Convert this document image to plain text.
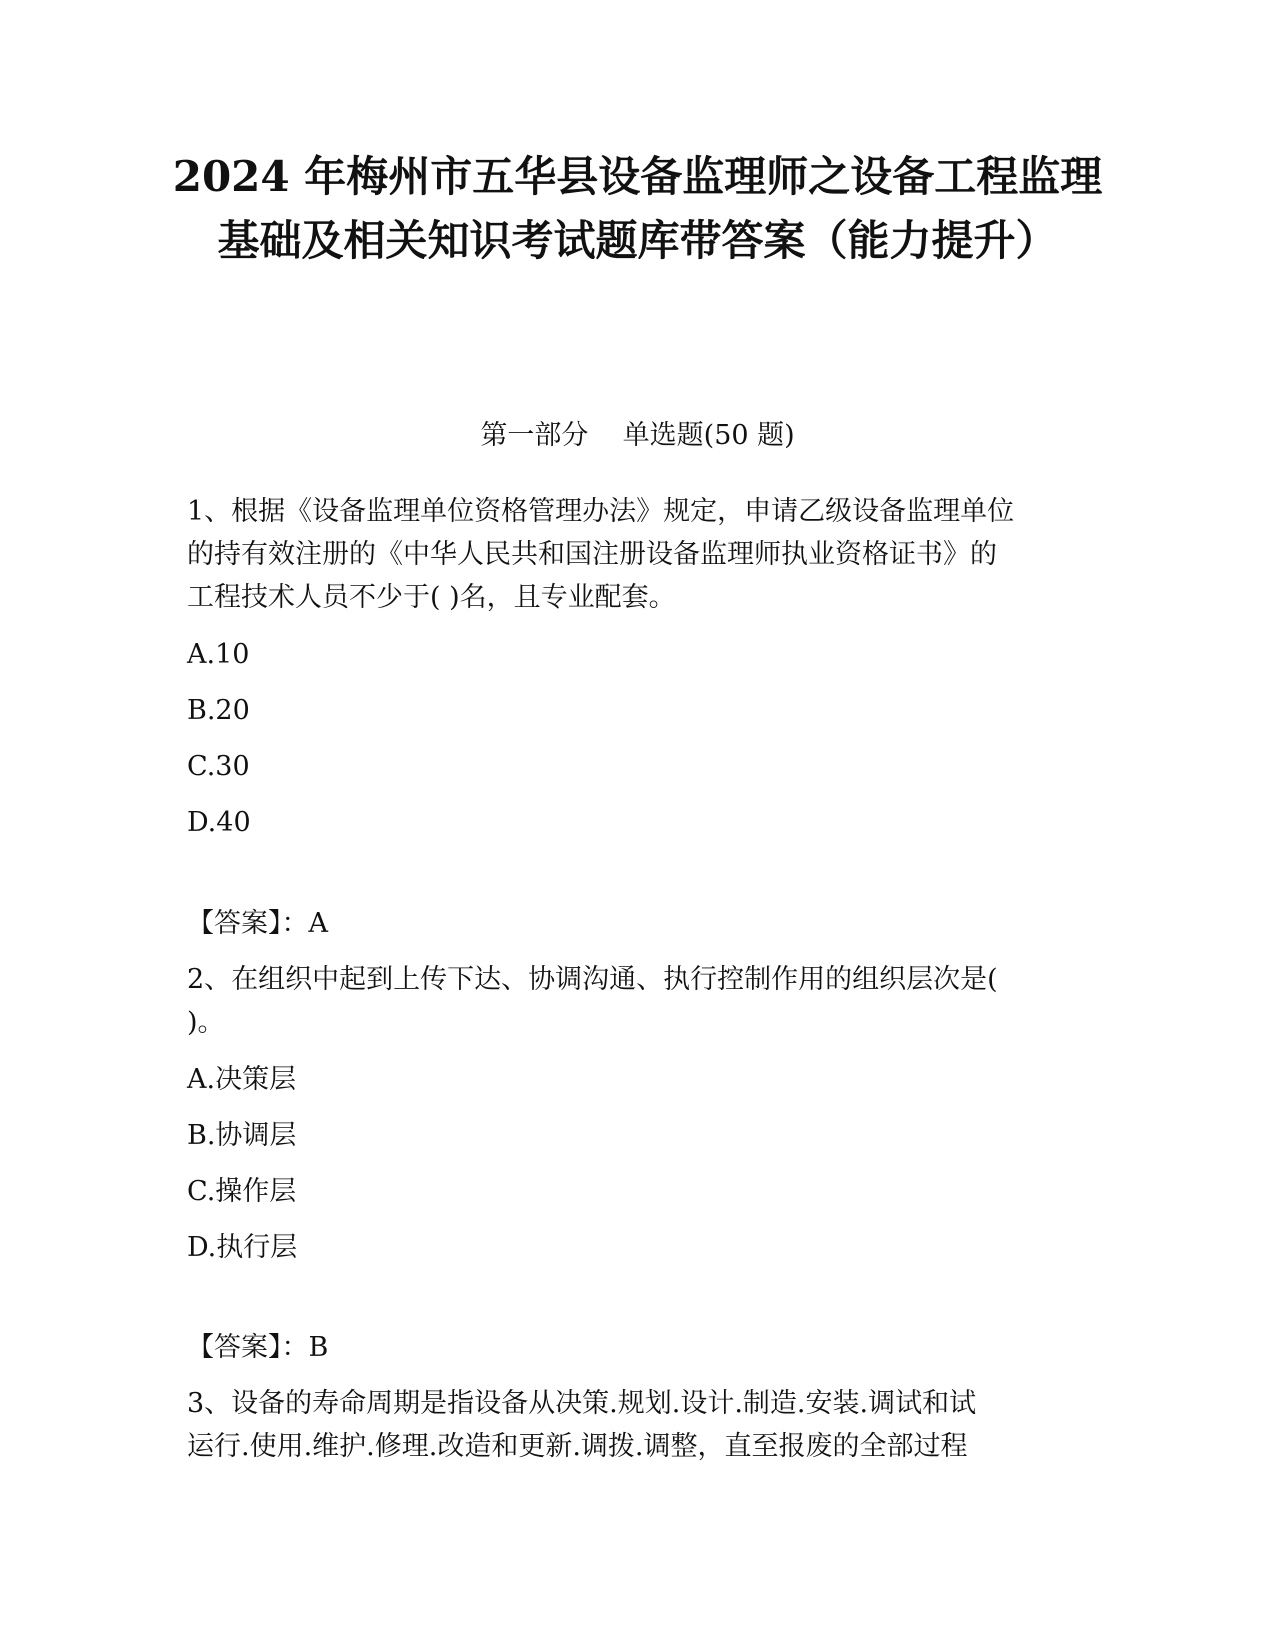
2024 年梅州市五华县设备监理师之设备工程监理
基础及相关知识考试题库带答案（能力提升）
第一部分    单选题(50 题)
1、根据《设备监理单位资格管理办法》规定，申请乙级设备监理单位
的持有效注册的《中华人民共和国注册设备监理师执业资格证书》的
工程技术人员不少于( )名，且专业配套。
A.10
B.20
C.30
D.40
【答案】：A
2、在组织中起到上传下达、协调沟通、执行控制作用的组织层次是(
)。
A.决策层
B.协调层
C.操作层
D.执行层
【答案】：B
3、设备的寿命周期是指设备从决策.规划.设计.制造.安装.调试和试
运行.使用.维护.修理.改造和更新.调拨.调整，直至报废的全部过程
